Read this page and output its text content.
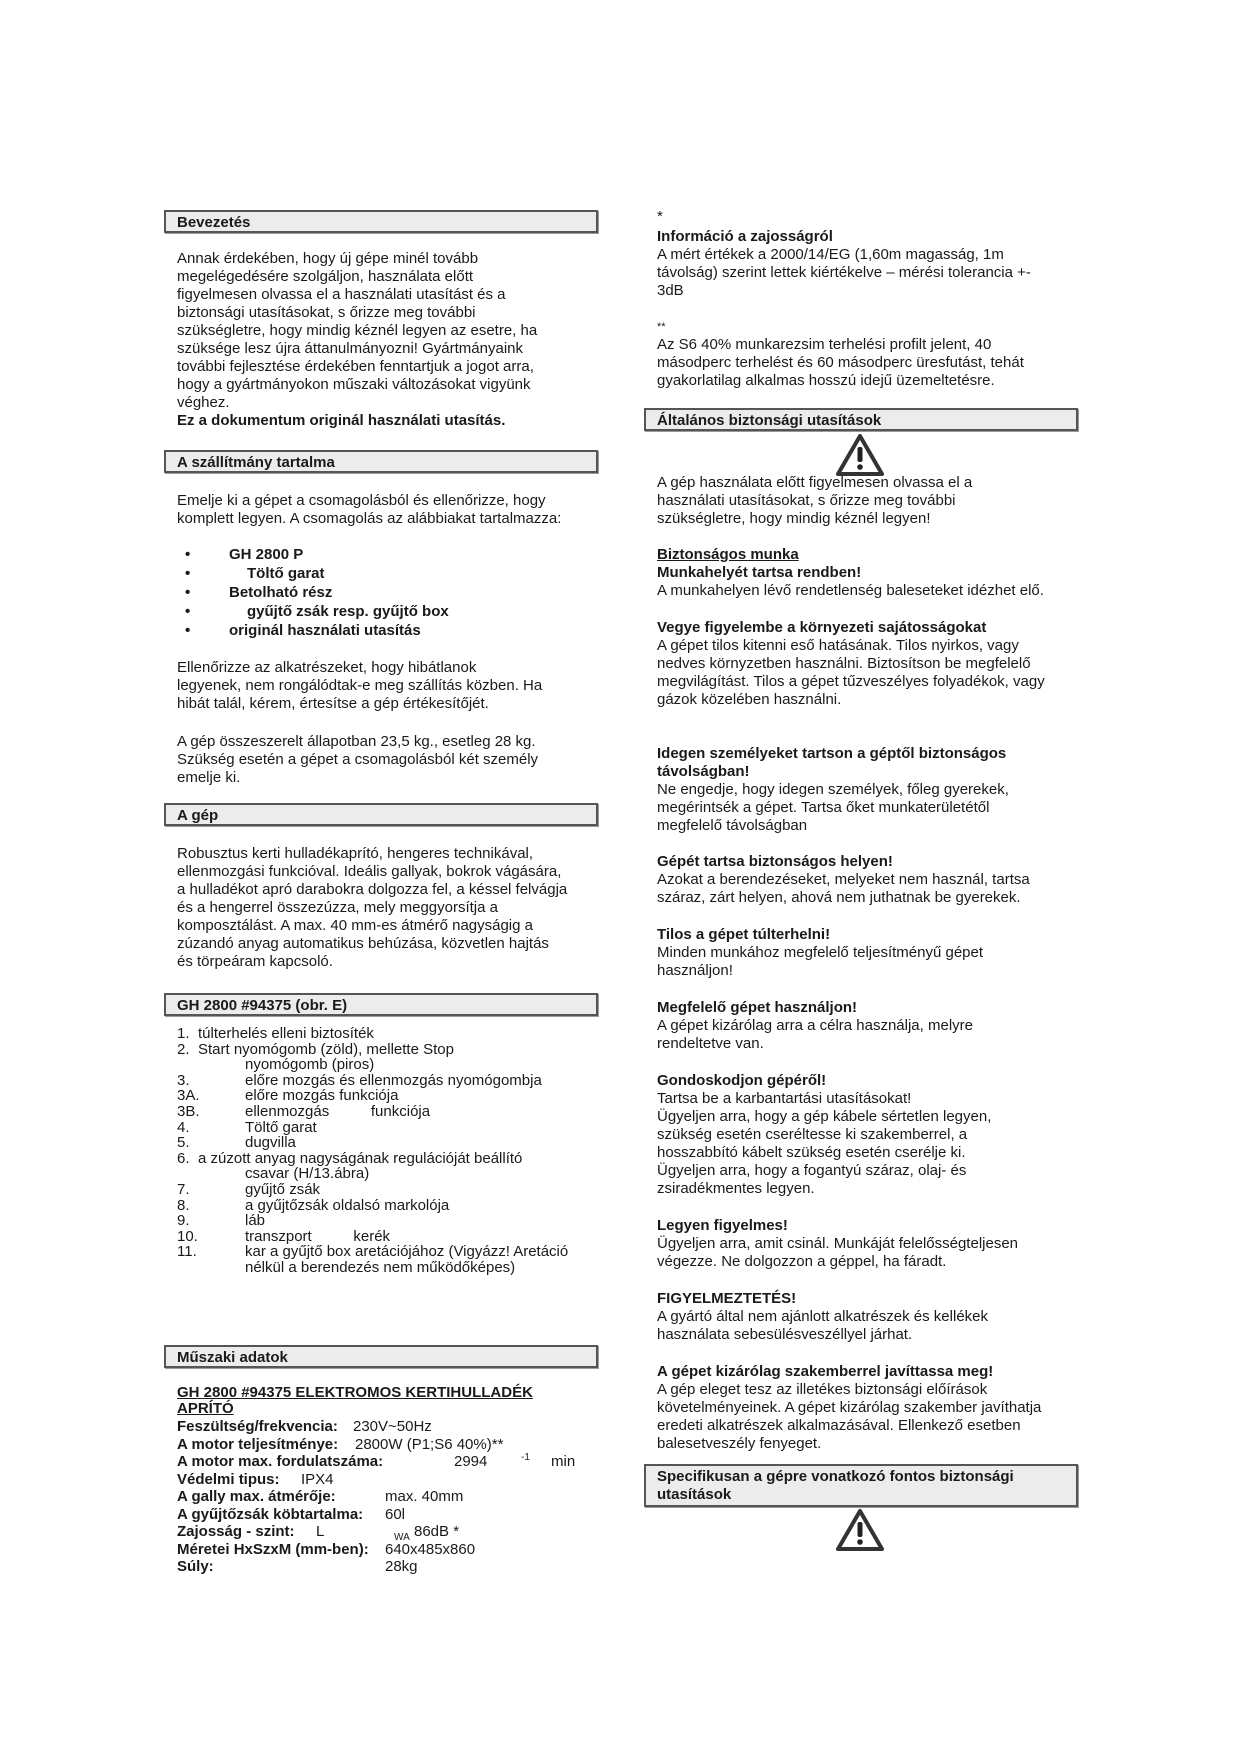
Bevezetés
Annak érdekében, hogy új gépe minél tovább
megelégedésére szolgáljon, használata előtt
figyelmesen olvassa el a használati utasítást és a
biztonsági utasításokat, s őrizze meg további
szükségletre, hogy mindig kéznél legyen az esetre, ha
szüksége lesz újra áttanulmányozni! Gyártmányaink
további fejlesztése érdekében fenntartjuk a jogot arra,
hogy a gyártmányokon műszaki változásokat vigyünk
véghez.
Ez a dokumentum originál használati utasítás.
A szállítmány tartalma
Emelje ki a gépet a csomagolásból és ellenőrizze, hogy
komplett legyen. A csomagolás az alábbiakat tartalmazza:
• GH 2800 P
• Töltő garat
• Betolható rész
• gyűjtő zsák resp. gyűjtő box
• originál használati utasítás
Ellenőrizze az alkatrészeket, hogy hibátlanok
legyenek, nem rongálódtak-e meg szállítás közben. Ha
hibát talál, kérem, értesítse a gép értékesítőjét.
A gép összeszerelt állapotban 23,5 kg., esetleg 28 kg.
Szükség esetén a gépet a csomagolásból két személy
emelje ki.
A gép
Robusztus kerti hulladékaprító, hengeres technikával,
ellenmozgási funkcióval. Ideális gallyak, bokrok vágására,
a hulladékot apró darabokra dolgozza fel, a késsel felvágja
és a hengerrel összezúzza, mely meggyorsítja a
komposztálást. A max. 40 mm-es átmérő nagyságig a
zúzandó anyag automatikus behúzása, közvetlen hajtás
és törpeáram kapcsoló.
GH 2800 #94375 (obr. E)
1. túlterhelés elleni biztosíték
2. Start nyomógomb (zöld), mellette Stop
nyomógomb (piros)
3.	előre mozgás és ellenmozgás nyomógombja
3A.	előre mozgás funkciója
3B.	ellenmozgás          funkciója
4.	Töltő garat
5.	dugvilla
6. a zúzott anyag nagyságának regulációját beállító
csavar (H/13.ábra)
7.	gyűjtő zsák
8.	a gyűjtőzsák oldalsó markolója
9.	láb
10.	transzport          kerék
11.	kar a gyűjtő box aretációjához (Vigyázz! Aretáció
nélkül a berendezés nem működőképes)
Műszaki adatok
GH 2800 #94375 ELEKTROMOS KERTIHULLADÉK
APRÍTÓ
Feszültség/frekvencia: 230V~50Hz
A motor teljesítménye: 2800W (P1;S6 40%)**
A motor max. fordulatszáma:	2994	-1 min
Védelmi tipus: IPX4
A gally max. átmérője:	max. 40mm
A gyűjtőzsák köbtartalma: 60l
Zajosság - szint: L	WA 86dB *
Méretei HxSzxM (mm-ben): 640x485x860
Súly:	28kg
*
Információ a zajosságról
A mért értékek a 2000/14/EG (1,60m magasság, 1m
távolság) szerint lettek kiértékelve – mérési tolerancia +-
3dB
**
Az S6 40% munkarezsim terhelési profilt jelent, 40
másodperc terhelést és 60 másodperc üresfutást, tehát
gyakorlatilag alkalmas hosszú idejű üzemeltetésre.
Általános biztonsági utasítások
A gép használata előtt figyelmesen olvassa el a
használati utasításokat, s őrizze meg további
szükségletre, hogy mindig kéznél legyen!
Biztonságos munka
Munkahelyét tartsa rendben!
A munkahelyen lévő rendetlenség baleseteket idézhet elő.
Vegye figyelembe a környezeti sajátosságokat
A gépet tilos kitenni eső hatásának. Tilos nyirkos, vagy
nedves környzetben használni. Biztosítson be megfelelő
megvilágítást. Tilos a gépet tűzveszélyes folyadékok, vagy
gázok közelében használni.
Idegen személyeket tartson a géptől biztonságos
távolságban!
Ne engedje, hogy idegen személyek, főleg gyerekek,
megérintsék a gépet. Tartsa őket munkaterületétől
megfelelő távolságban
Gépét tartsa biztonságos helyen!
Azokat a berendezéseket, melyeket nem használ, tartsa
száraz, zárt helyen, ahová nem juthatnak be gyerekek.
Tilos a gépet túlterhelni!
Minden munkához megfelelő teljesítményű gépet
használjon!
Megfelelő gépet használjon!
A gépet kizárólag arra a célra használja, melyre
rendeltetve van.
Gondoskodjon gépéről!
Tartsa be a karbantartási utasításokat!
Ügyeljen arra, hogy a gép kábele sértetlen legyen,
szükség esetén cseréltesse ki szakemberrel, a
hosszabbító kábelt szükség esetén cserélje ki.
Ügyeljen arra, hogy a fogantyú száraz, olaj- és
zsiradékmentes legyen.
Legyen figyelmes!
Ügyeljen arra, amit csinál. Munkáját felelősségteljesen
végezze. Ne dolgozzon a géppel, ha fáradt.
FIGYELMEZTETÉS!
A gyártó által nem ajánlott alkatrészek és kellékek
használata sebesülésveszéllyel járhat.
A gépet kizárólag szakemberrel javíttassa meg!
A gép eleget tesz az illetékes biztonsági előírások
követelményeinek. A gépet kizárólag szakember javíthatja
eredeti alkatrészek alkalmazásával. Ellenkező esetben
balesetveszély fenyeget.
Specifikusan a gépre vonatkozó fontos biztonsági
utasítások
